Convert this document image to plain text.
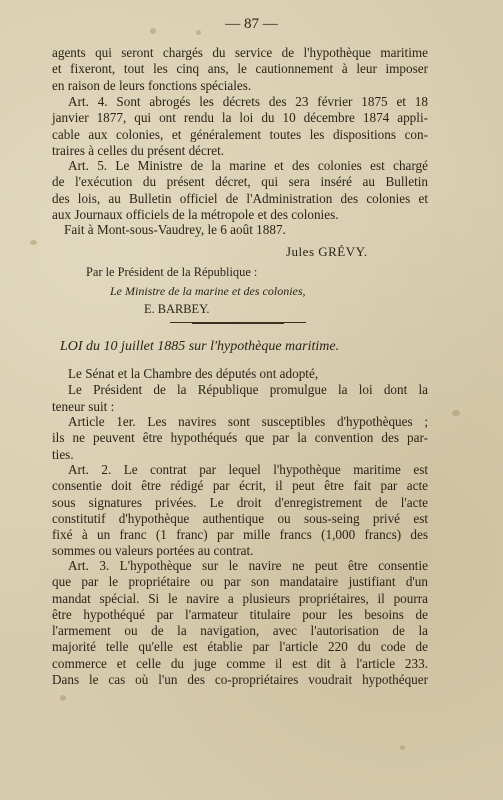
— 87 —
agents qui seront chargés du service de l'hypothèque maritime
et fixeront, tout les cinq ans, le cautionnement à leur imposer
en raison de leurs fonctions spéciales.
Art. 4. Sont abrogés les décrets des 23 février 1875 et 18
janvier 1877, qui ont rendu la loi du 10 décembre 1874 appli-
cable aux colonies, et généralement toutes les dispositions con-
traires à celles du présent décret.
Art. 5. Le Ministre de la marine et des colonies est chargé
de l'exécution du présent décret, qui sera inséré au Bulletin
des lois, au Bulletin officiel de l'Administration des colonies et
aux Journaux officiels de la métropole et des colonies.
Fait à Mont-sous-Vaudrey, le 6 août 1887.
Jules GRÉVY.
Par le Président de la République :
Le Ministre de la marine et des colonies,
E. BARBEY.
LOI du 10 juillet 1885 sur l'hypothèque maritime.
Le Sénat et la Chambre des députés ont adopté,
Le Président de la République promulgue la loi dont la
teneur suit :
Article 1er. Les navires sont susceptibles d'hypothèques ;
ils ne peuvent être hypothéqués que par la convention des par-
ties.
Art. 2. Le contrat par lequel l'hypothèque maritime est
consentie doit être rédigé par écrit, il peut être fait par acte
sous signatures privées. Le droit d'enregistrement de l'acte
constitutif d'hypothèque authentique ou sous-seing privé est
fixé à un franc (1 franc) par mille francs (1,000 francs) des
sommes ou valeurs portées au contrat.
Art. 3. L'hypothèque sur le navire ne peut être consentie
que par le propriétaire ou par son mandataire justifiant d'un
mandat spécial. Si le navire a plusieurs propriétaires, il pourra
être hypothéqué par l'armateur titulaire pour les besoins de
l'armement ou de la navigation, avec l'autorisation de la
majorité telle qu'elle est établie par l'article 220 du code de
commerce et celle du juge comme il est dit à l'article 233.
Dans le cas où l'un des co-propriétaires voudrait hypothéquer
